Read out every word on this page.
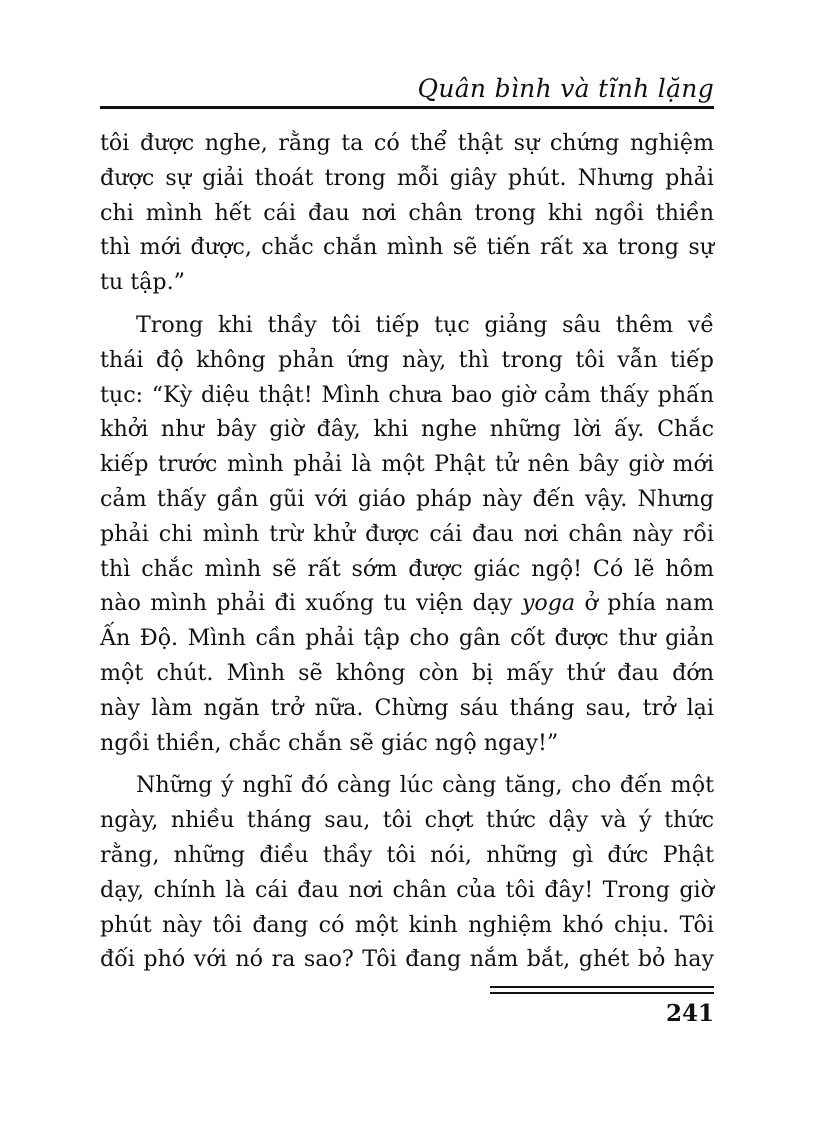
Quân bình và tĩnh lặng

tôi được nghe, rằng ta có thể thật sự chứng nghiệm
được sự giải thoát trong mỗi giây phút. Nhưng phải
chi mình hết cái đau nơi chân trong khi ngồi thiền
thì mới được, chắc chắn mình sẽ tiến rất xa trong sự
tu tập.”

Trong khi thầy tôi tiếp tục giảng sâu thêm về
thái độ không phản ứng này, thì trong tôi vẫn tiếp
tục: “Kỳ diệu thật! Mình chưa bao giờ cảm thấy phấn
khởi như bây giờ đây, khi nghe những lời ấy. Chắc
kiếp trước mình phải là một Phật tử nên bây giờ mới
cảm thấy gần gũi với giáo pháp này đến vậy. Nhưng
phải chi mình trừ khử được cái đau nơi chân này rồi
thì chắc mình sẽ rất sớm được giác ngộ! Có lẽ hôm
nào mình phải đi xuống tu viện dạy yoga ở phía nam
Ấn Độ. Mình cần phải tập cho gân cốt được thư giản
một chút. Mình sẽ không còn bị mấy thứ đau đớn
này làm ngăn trở nữa. Chừng sáu tháng sau, trở lại
ngồi thiền, chắc chắn sẽ giác ngộ ngay!”

Những ý nghĩ đó càng lúc càng tăng, cho đến một
ngày, nhiều tháng sau, tôi chợt thức dậy và ý thức
rằng, những điều thầy tôi nói, những gì đức Phật
dạy, chính là cái đau nơi chân của tôi đây! Trong giờ
phút này tôi đang có một kinh nghiệm khó chịu. Tôi
đối phó với nó ra sao? Tôi đang nắm bắt, ghét bỏ hay

241
